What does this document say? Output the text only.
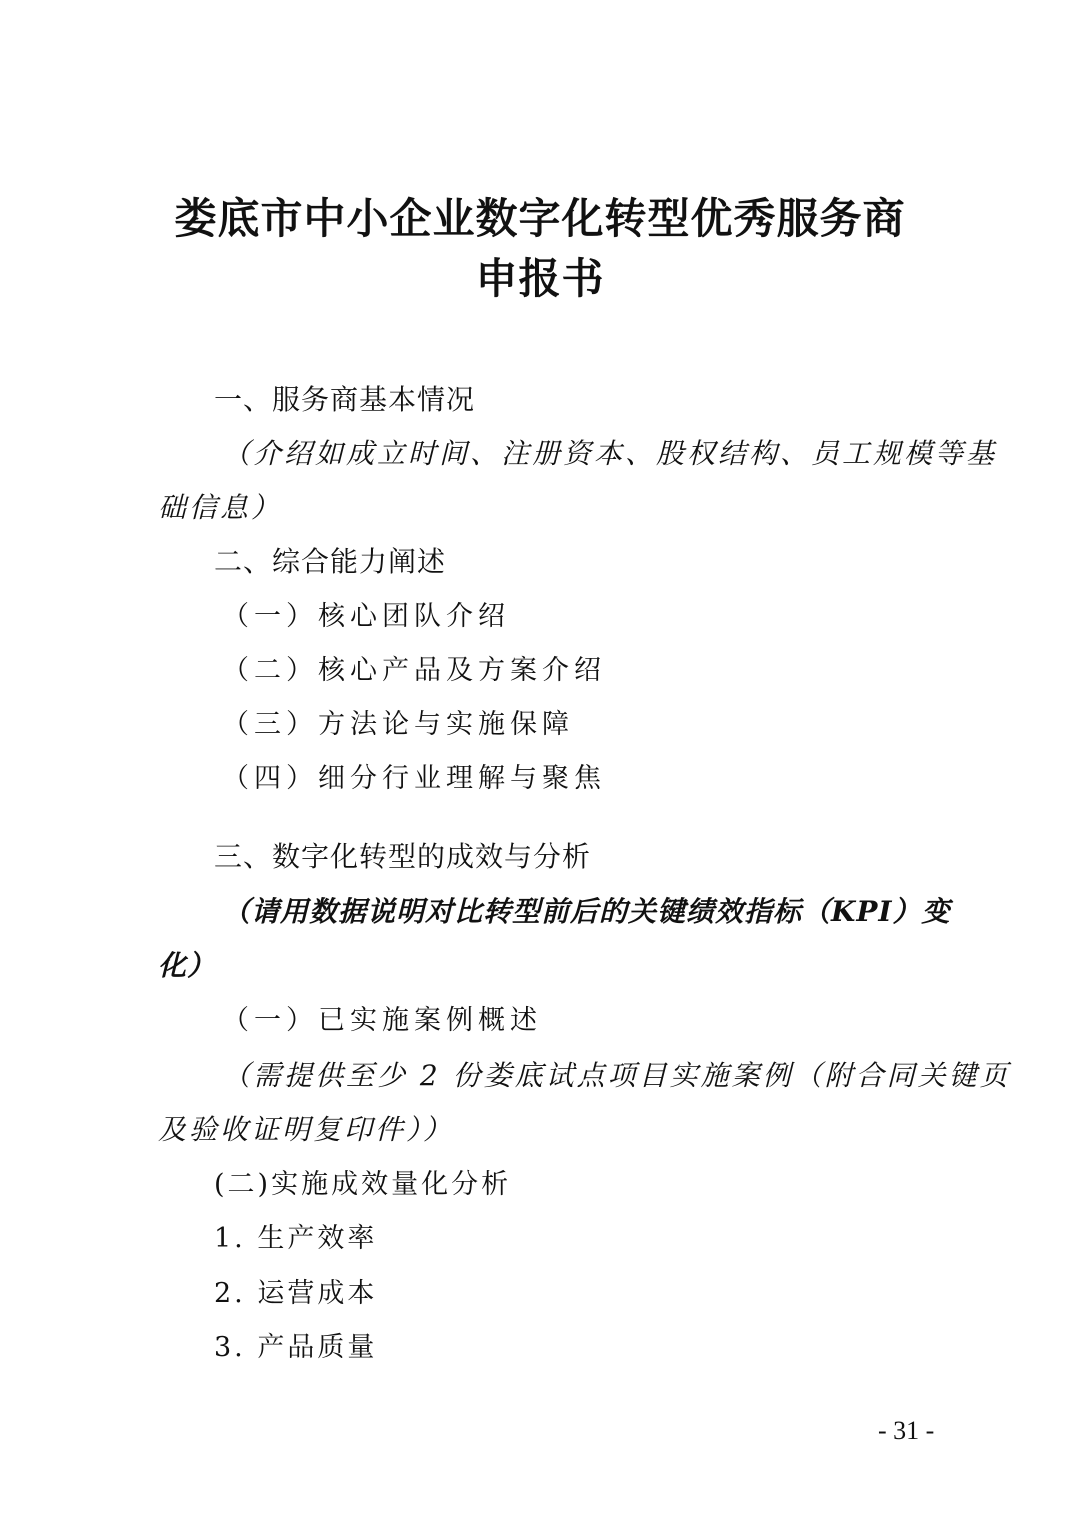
娄底市中小企业数字化转型优秀服务商
申报书
一、服务商基本情况
（介绍如成立时间、注册资本、股权结构、员工规模等基
础信息）
二、综合能力阐述
（一）核心团队介绍
（二）核心产品及方案介绍
（三）方法论与实施保障
（四）细分行业理解与聚焦
三、数字化转型的成效与分析
（请用数据说明对比转型前后的关键绩效指标（KPI）变
化）
（一）已实施案例概述
（需提供至少 2 份娄底试点项目实施案例（附合同关键页
及验收证明复印件））
(二)实施成效量化分析
1. 生产效率
2. 运营成本
3. 产品质量
- 31 -
